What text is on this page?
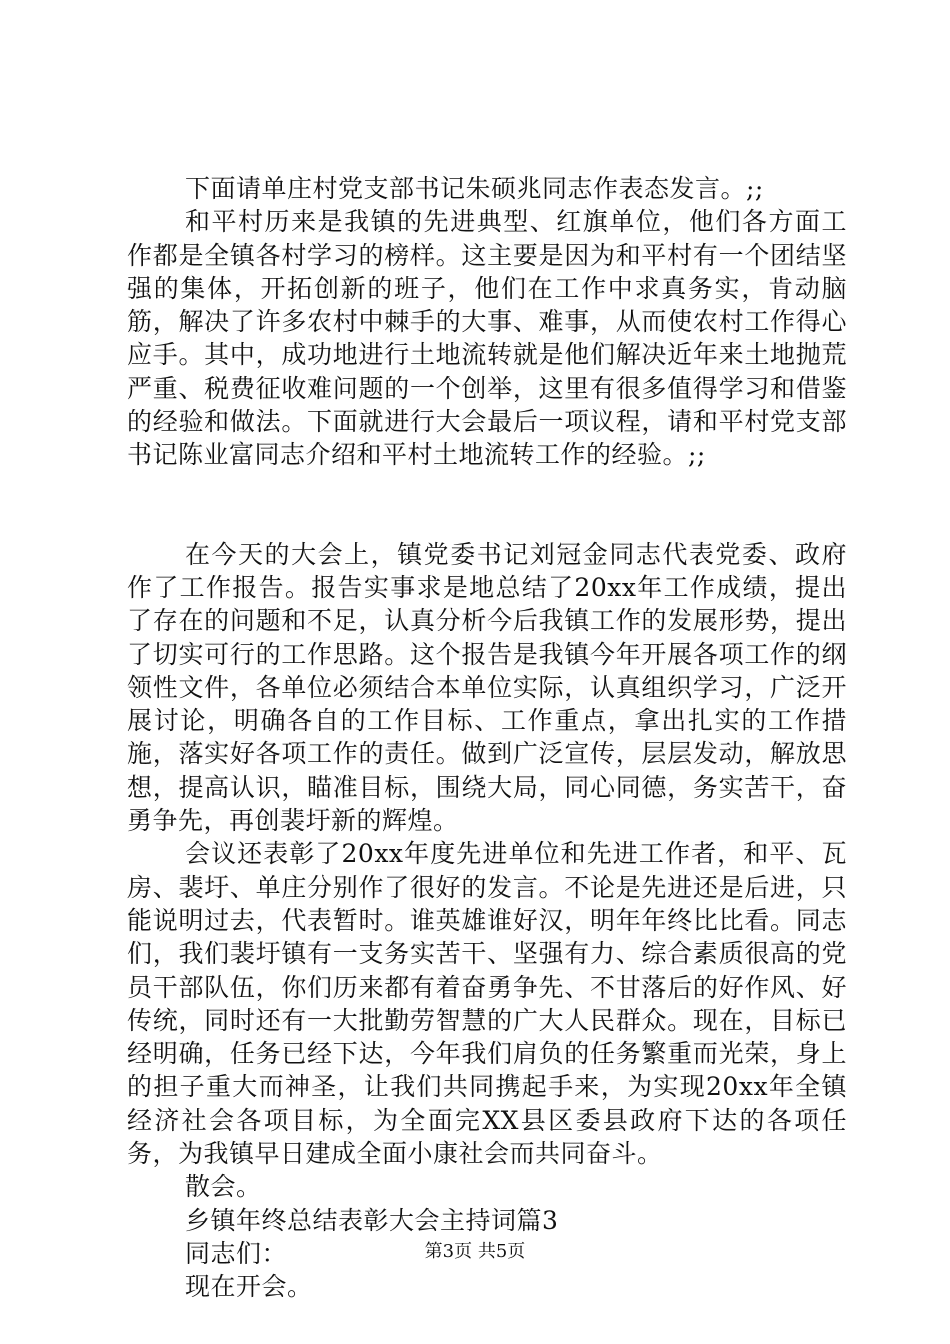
下面请单庄村党支部书记朱硕兆同志作表态发言。;;

和平村历来是我镇的先进典型、红旗单位，他们各方面工作都是全镇各村学习的榜样。这主要是因为和平村有一个团结坚强的集体，开拓创新的班子，他们在工作中求真务实，肯动脑筋，解决了许多农村中棘手的大事、难事，从而使农村工作得心应手。其中，成功地进行土地流转就是他们解决近年来土地抛荒严重、税费征收难问题的一个创举，这里有很多值得学习和借鉴的经验和做法。下面就进行大会最后一项议程，请和平村党支部书记陈业富同志介绍和平村土地流转工作的经验。;;

在今天的大会上，镇党委书记刘冠金同志代表党委、政府作了工作报告。报告实事求是地总结了20xx年工作成绩，提出了存在的问题和不足，认真分析今后我镇工作的发展形势，提出了切实可行的工作思路。这个报告是我镇今年开展各项工作的纲领性文件，各单位必须结合本单位实际，认真组织学习，广泛开展讨论，明确各自的工作目标、工作重点，拿出扎实的工作措施，落实好各项工作的责任。做到广泛宣传，层层发动，解放思想，提高认识，瞄准目标，围绕大局，同心同德，务实苦干，奋勇争先，再创裴圩新的辉煌。

会议还表彰了20xx年度先进单位和先进工作者，和平、瓦房、裴圩、单庄分别作了很好的发言。不论是先进还是后进，只能说明过去，代表暂时。谁英雄谁好汉，明年年终比比看。同志们，我们裴圩镇有一支务实苦干、坚强有力、综合素质很高的党员干部队伍，你们历来都有着奋勇争先、不甘落后的好作风、好传统，同时还有一大批勤劳智慧的广大人民群众。现在，目标已经明确，任务已经下达，今年我们肩负的任务繁重而光荣，身上的担子重大而神圣，让我们共同携起手来，为实现20xx年全镇经济社会各项目标，为全面完XX县区委县政府下达的各项任务，为我镇早日建成全面小康社会而共同奋斗。

散会。

乡镇年终总结表彰大会主持词篇3

同志们：

现在开会。

第3页 共5页
